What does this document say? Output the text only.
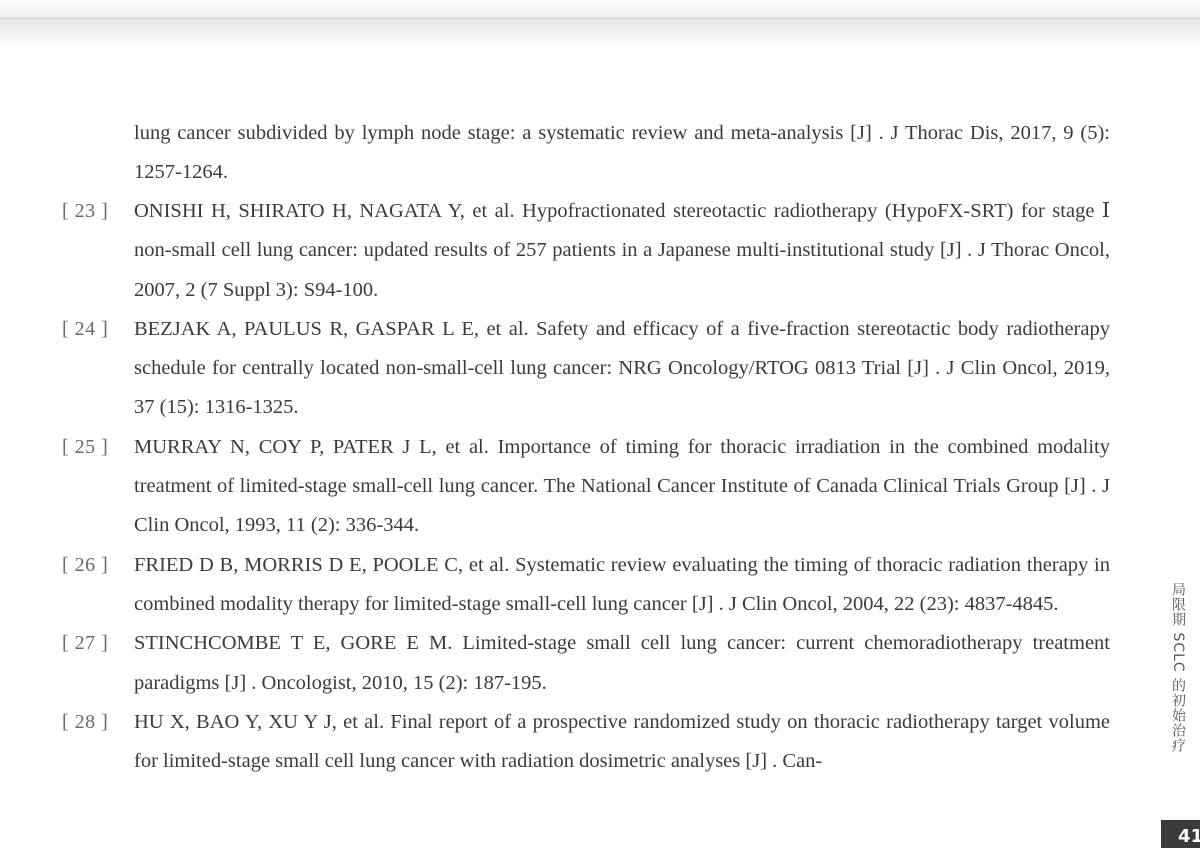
lung cancer subdivided by lymph node stage: a systematic review and meta-analysis [J] . J Thorac Dis, 2017, 9 (5): 1257-1264.
[ 23 ] ONISHI H, SHIRATO H, NAGATA Y, et al. Hypofractionated stereotactic radiotherapy (HypoFX-SRT) for stage Ⅰ non-small cell lung cancer: updated results of 257 patients in a Japanese multi-institutional study [J] . J Thorac Oncol, 2007, 2 (7 Suppl 3): S94-100.
[ 24 ] BEZJAK A, PAULUS R, GASPAR L E, et al. Safety and efficacy of a five-fraction stereotactic body radiotherapy schedule for centrally located non-small-cell lung cancer: NRG Oncology/RTOG 0813 Trial [J] . J Clin Oncol, 2019, 37 (15): 1316-1325.
[ 25 ] MURRAY N, COY P, PATER J L, et al. Importance of timing for thoracic irradiation in the combined modality treatment of limited-stage small-cell lung cancer. The National Cancer Institute of Canada Clinical Trials Group [J] . J Clin Oncol, 1993, 11 (2): 336-344.
[ 26 ] FRIED D B, MORRIS D E, POOLE C, et al. Systematic review evaluating the timing of thoracic radiation therapy in combined modality therapy for limited-stage small-cell lung cancer [J] . J Clin Oncol, 2004, 22 (23): 4837-4845.
[ 27 ] STINCHCOMBE T E, GORE E M. Limited-stage small cell lung cancer: current chemoradiotherapy treatment paradigms [J] . Oncologist, 2010, 15 (2): 187-195.
[ 28 ] HU X, BAO Y, XU Y J, et al. Final report of a prospective randomized study on thoracic radiotherapy target volume for limited-stage small cell lung cancer with radiation dosimetric analyses [J] . Can-
局限期 SCLC 的初始治疗
41
